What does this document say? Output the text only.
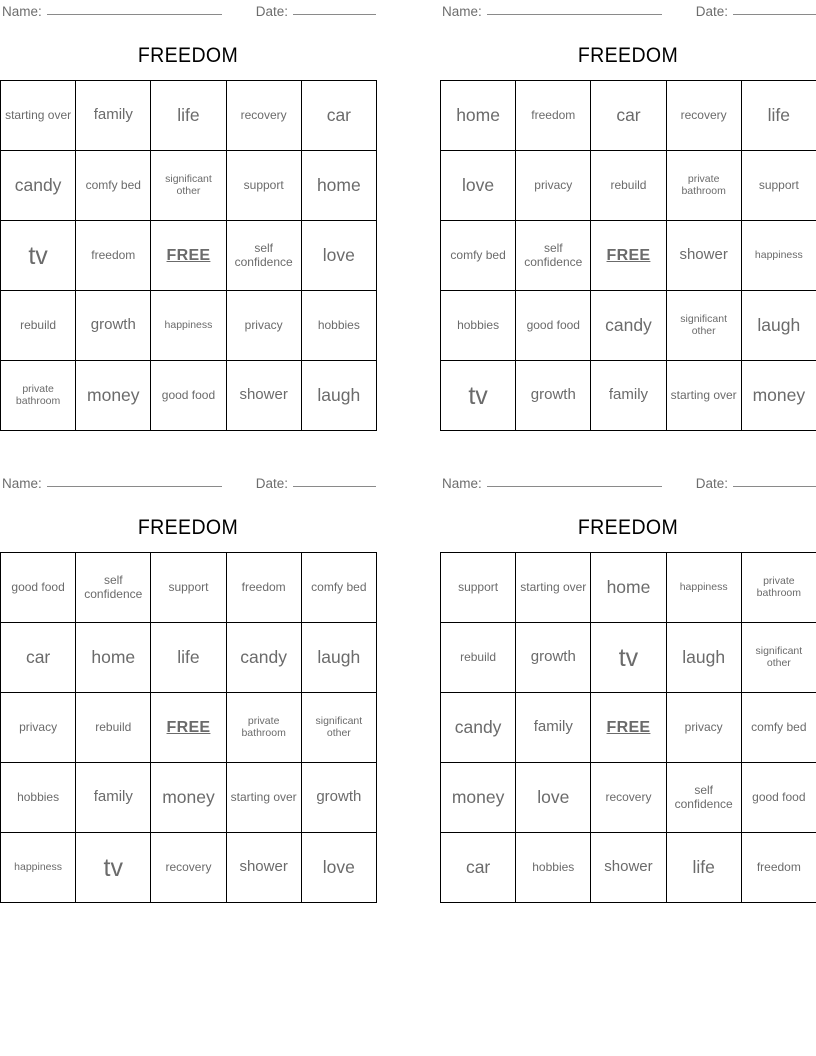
Name:	Date:
FREEDOM
starting over	family	life	recovery	car
candy	comfy bed	significant other	support	home
tv	freedom	FREE	self confidence	love
rebuild	growth	happiness	privacy	hobbies
private bathroom	money	good food	shower	laugh
Name:	Date:
FREEDOM
home	freedom	car	recovery	life
love	privacy	rebuild	private bathroom	support
comfy bed	self confidence	FREE	shower	happiness
hobbies	good food	candy	significant other	laugh
tv	growth	family	starting over	money
Name:	Date:
FREEDOM
good food	self confidence	support	freedom	comfy bed
car	home	life	candy	laugh
privacy	rebuild	FREE	private bathroom	significant other
hobbies	family	money	starting over	growth
happiness	tv	recovery	shower	love
Name:	Date:
FREEDOM
support	starting over	home	happiness	private bathroom
rebuild	growth	tv	laugh	significant other
candy	family	FREE	privacy	comfy bed
money	love	recovery	self confidence	good food
car	hobbies	shower	life	freedom
